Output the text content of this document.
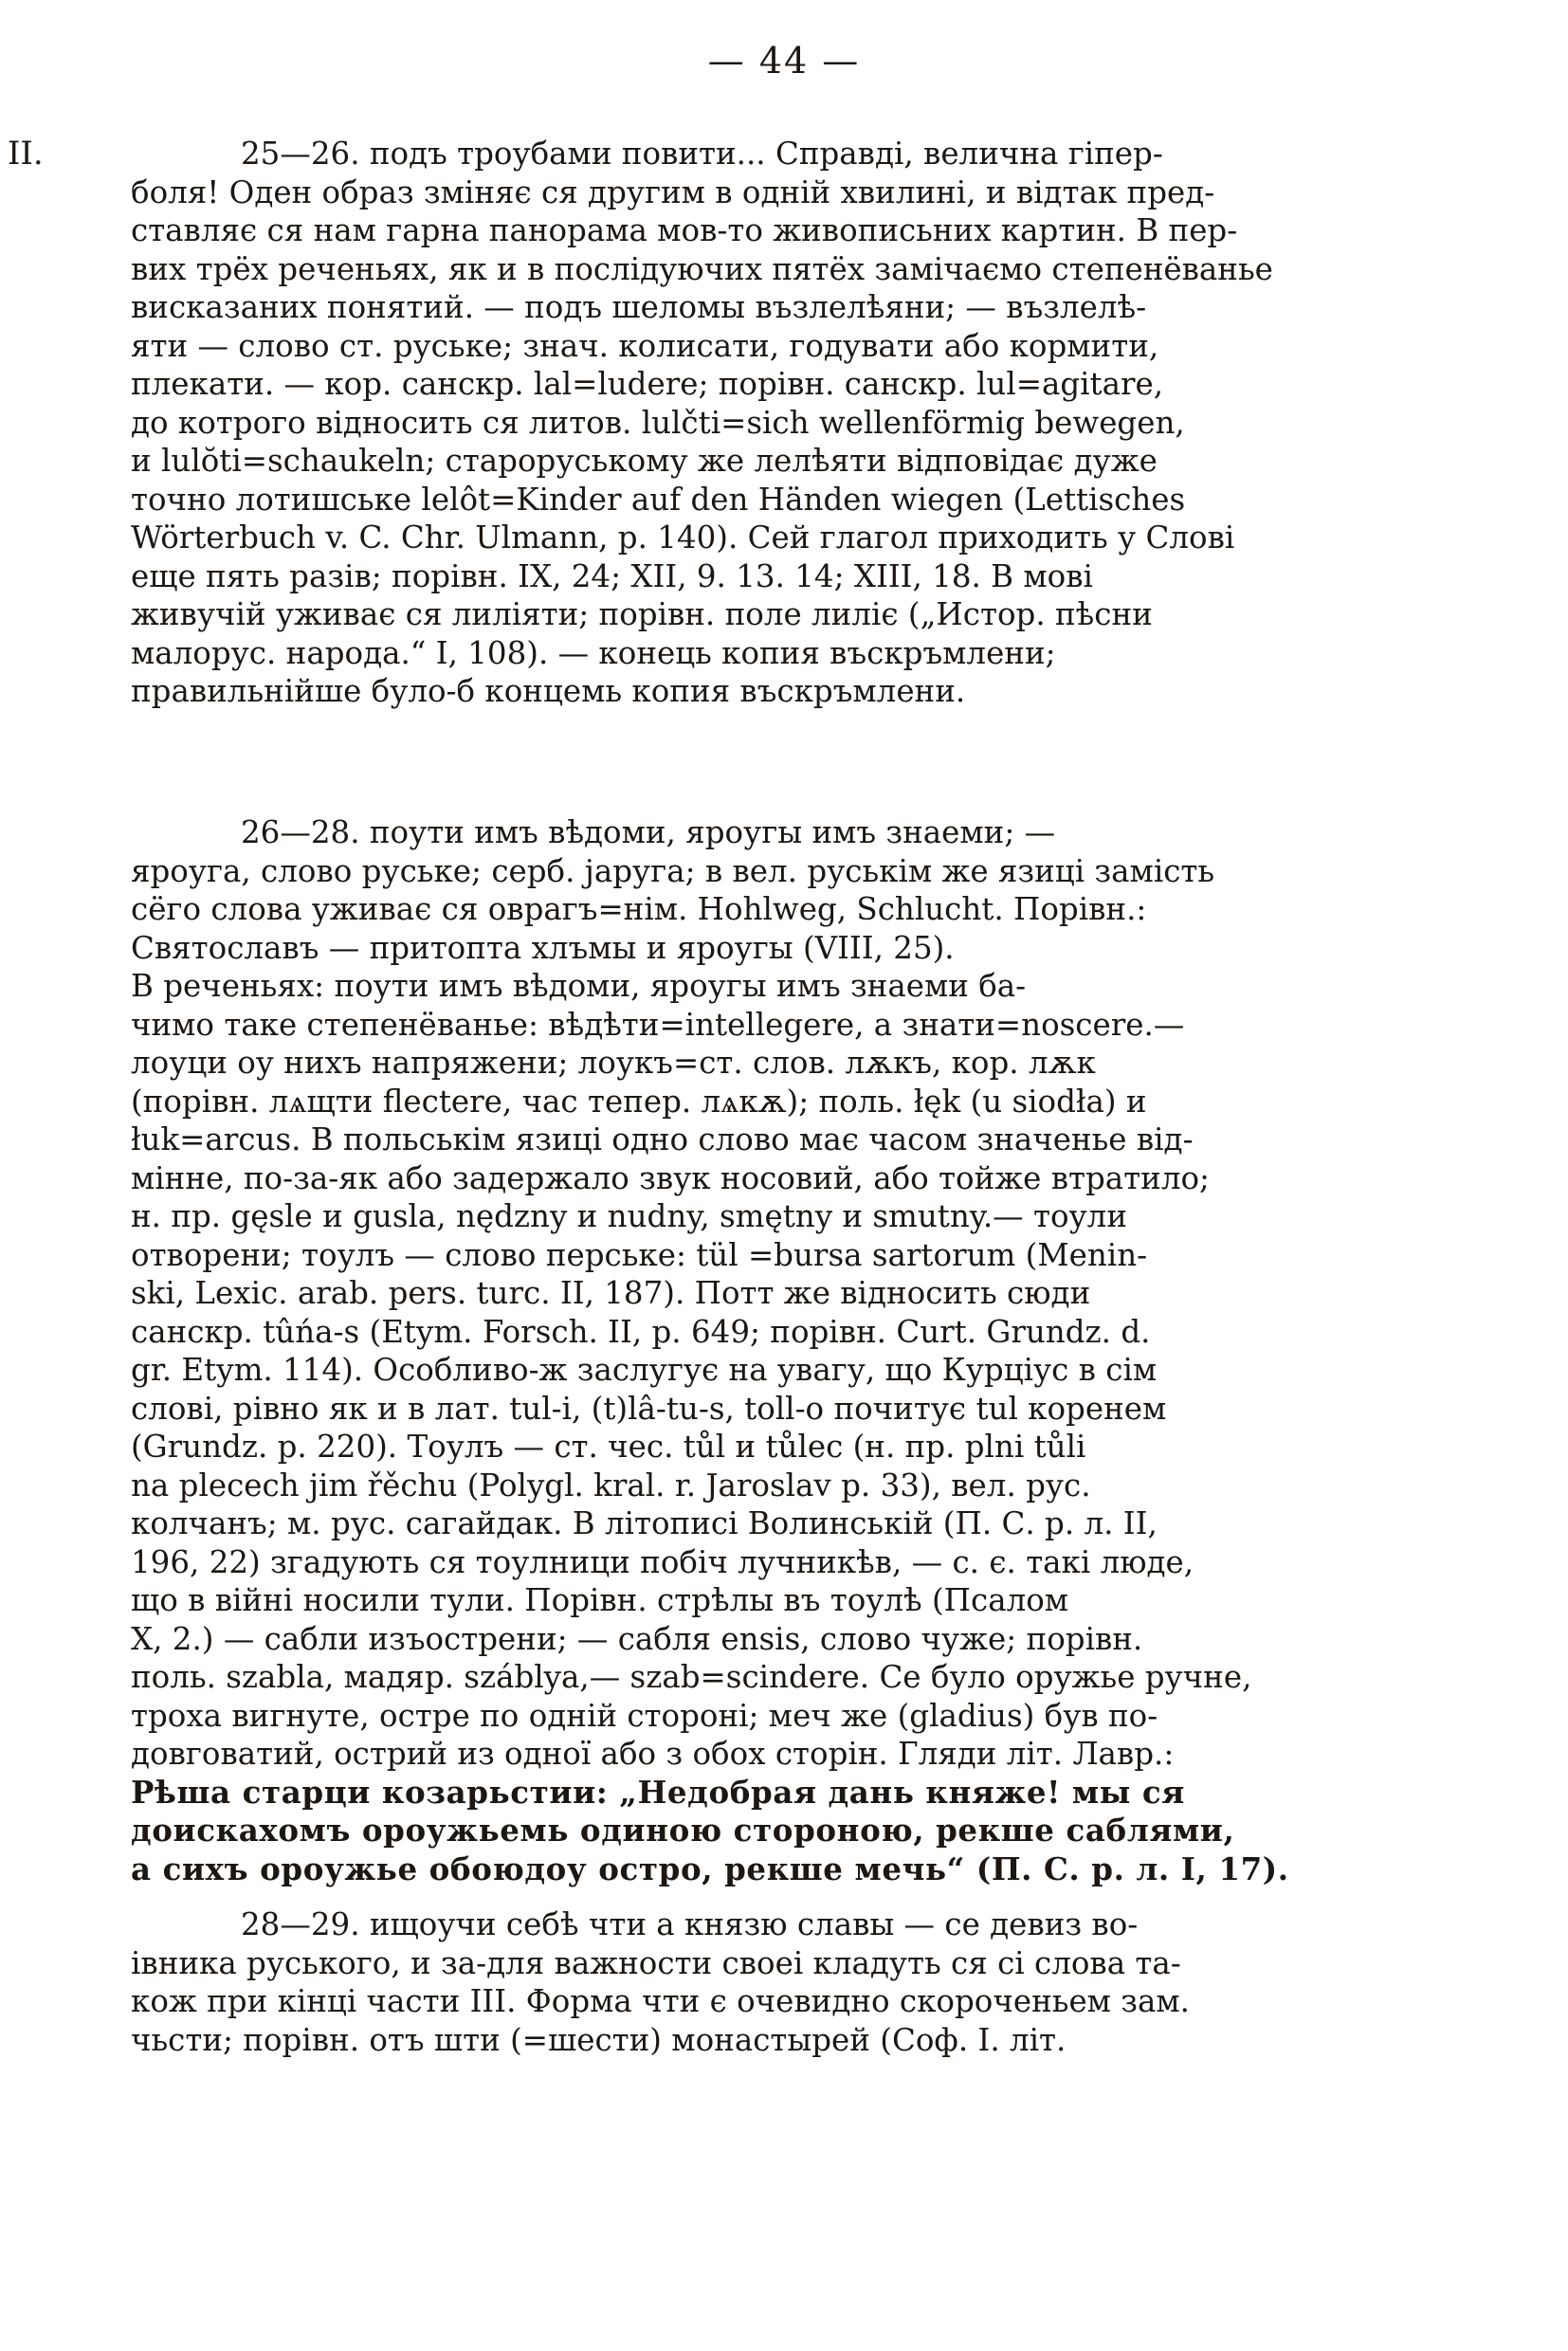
— 44 —
II.	25—26. подъ троубами повити... Справді, велична гіпер-
боля! Оден образ зміняє ся другим в одній хвилині, и відтак пред-
ставляє ся нам гарна панорама мов-то живописьних картин. В пер-
вих трёх реченьях, як и в послідуючих пятёх замічаємо степенёванье
висказаних понятий. — подъ шеломы възлелѣяни; — възлелѣ-
яти — слово ст. руське; знач. колисати, годувати або кормити,
плекати. — кор. санскр. lal=ludere; порівн. санскр. lul=agitare,
до котрого відносить ся литов. lulčti=sich wellenförmig bewegen,
и lulŏti=schaukeln; староруському же лелѣяти відповідає дуже
точно лотишське lelôt=Kinder auf den Händen wiegen (Lettisches
Wörterbuch v. C. Chr. Ulmann, p. 140). Сей глагол приходить у Слові
еще пять разів; порівн. IX, 24; XII, 9. 13. 14; XIII, 18. В мові
живучій уживає ся лиліяти; порівн. поле лиліє („Истор. пѣсни
малорус. народа.“ I, 108). — конець копия въскръмлени;
правильнійше було-б концемь копия въскръмлени.
26—28. поути имъ вѣдоми, яроугы имъ знаеми; —
яроуга, слово руське; серб. јаруга; в вел. руськім же язиці замість
сёго слова уживає ся оврагъ=нім. Hohlweg, Schlucht. Порівн.:
Святославъ — притопта хлъмы и яроугы (VIII, 25).
В реченьях: поути имъ вѣдоми, яроугы имъ знаеми ба-
чимо таке степенёванье: вѣдѣти=intellegere, а знати=noscere.—
лоуци оу нихъ напряжени; лоукъ=ст. слов. лѫкъ, кор. лѫк
(порівн. лѧщти flectere, час тепер. лѧкѫ); поль. łęk (u siodła) и
łuk=arcus. В польськім язиці одно слово має часом значенье від-
мінне, по-за-як або задержало звук носовий, або тойже втратило;
н. пр. gęsle и gusla, nędzny и nudny, smętny и smutny.— тоули
отворени; тоулъ — слово перське: tül =bursa sartorum (Menin-
ski, Lexic. arab. pers. turc. II, 187). Потт же відносить сюди
санскр. tûńa-s (Etym. Forsch. II, p. 649; порівн. Curt. Grundz. d.
gr. Etym. 114). Особливо-ж заслугує на увагу, що Курціус в сім
слові, рівно як и в лат. tul-i, (t)lâ-tu-s, toll-o почитує tul коренем
(Grundz. p. 220). Тоулъ — ст. чес. tůl и tůlec (н. пр. plni tůli
na plecech jim řěchu (Polygl. kral. r. Jaroslav p. 33), вел. рус.
колчанъ; м. рус. сагайдак. В літописі Волинській (П. С. р. л. II,
196, 22) згадують ся тоулници побіч лучникѣв, — с. є. такі люде,
що в війні носили тули. Порівн. стрѣлы въ тоулѣ (Псалом
X, 2.) — сабли изъострени; — сабля ensis, слово чуже; порівн.
поль. szabla, мадяр. száblya,— szab=scindere. Се було оружье ручне,
троха вигнуте, остре по одній стороні; меч же (gladius) був по-
довговатий, острий из одної або з обох сторін. Гляди літ. Лавр.:
Рѣша старци козарьстии: „Недобрая дань княже! мы ся
доискахомъ ороужьемь одиною стороною, рекше саблями,
а сихъ ороужье обоюдоу остро, рекше мечь“ (П. С. р. л. I, 17).
28—29. ищоучи себѣ чти а князю славы — се девиз во-
івника руського, и за-для важности своеі кладуть ся сі слова та-
кож при кінці части III. Форма чти є очевидно скороченьем зам.
чьсти; порівн. отъ шти (=шести) монастырей (Соф. I. літ.
